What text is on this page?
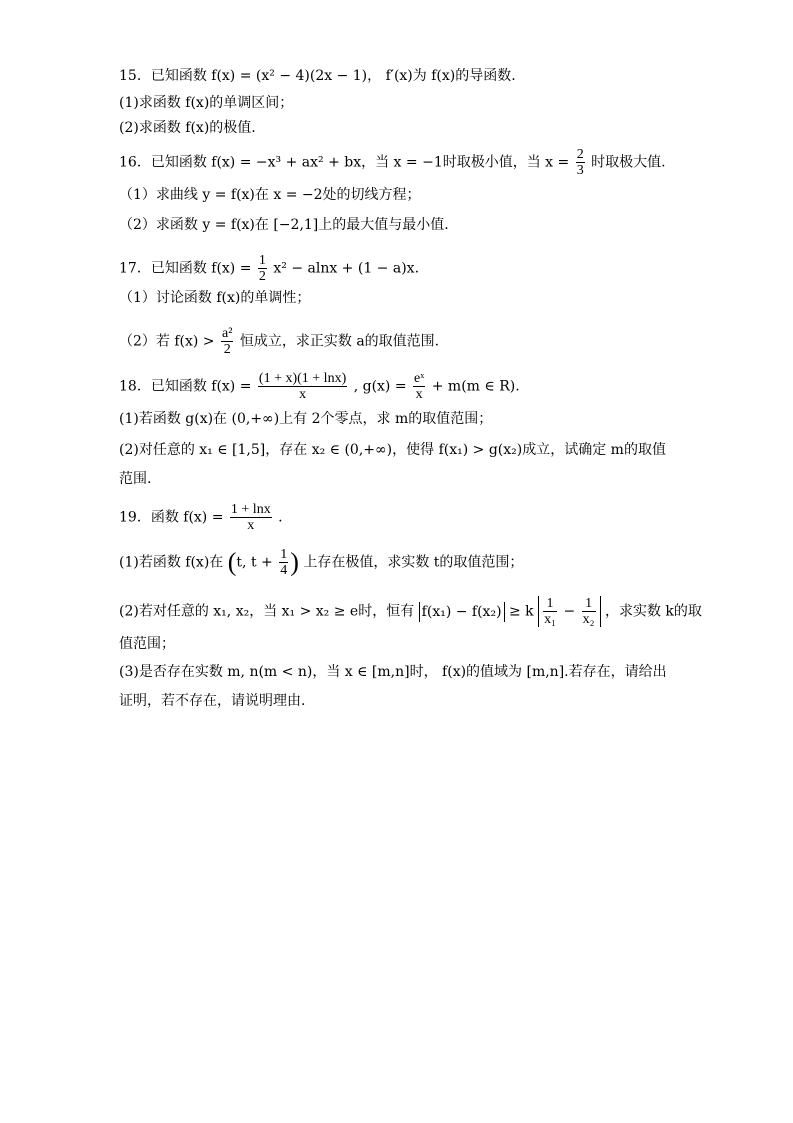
15．已知函数 f(x) = (x² − 4)(2x − 1)， f′(x)为 f(x)的导函数.
(1)求函数 f(x)的单调区间；
(2)求函数 f(x)的极值.
16．已知函数 f(x) = −x³ + ax² + bx，当 x = −1时取极小值，当 $x = \frac{2}{3}$ 时取极大值.
（1）求曲线 y = f(x)在 x = −2处的切线方程；
（2）求函数 y = f(x)在 [−2,1]上的最大值与最小值.
17．已知函数 $f(x) = \frac{1}{2} x^2 - alnx + (1 - a)x$.
（1）讨论函数 f(x)的单调性；
（2）若 $f(x) > \frac{\text{a²}}{2}$ 恒成立，求正实数 a的取值范围.
18．已知函数 $f(x) = \frac{(1 + x)(1 + \ln x)}{x}$ , $g(x) = \frac{\text{eˣ}}{x} + m(m$ ∈ R).
(1)若函数 g(x)在 (0,+∞)上有 2个零点，求 m的取值范围；
(2)对任意的 x₁ ∈ [1,5]，存在 x₂ ∈ (0,+∞)，使得 f(x₁) > g(x₂)成立，试确定 m的取值
范围.
19．函数 $f(x) = \frac{1 + \ln x}{x}$ .
(1)若函数 f(x)在 (t, $t + \frac{1}{4}$ ) 上存在极值，求实数 t的取值范围；
(2)若对任意的 x₁, x₂，当 x₁ > x₂ ≥ e时，恒有 f(x₁) − f(x₂) ≥ k $\frac{1}{\text{x₁}} - \frac{1}{\text{x₂}}$ ，求实数 k的取
值范围；
(3)是否存在实数 m, n(m < n)，当 x ∈ [m,n]时， f(x)的值域为 [m,n].若存在，请给出
证明，若不存在，请说明理由.
